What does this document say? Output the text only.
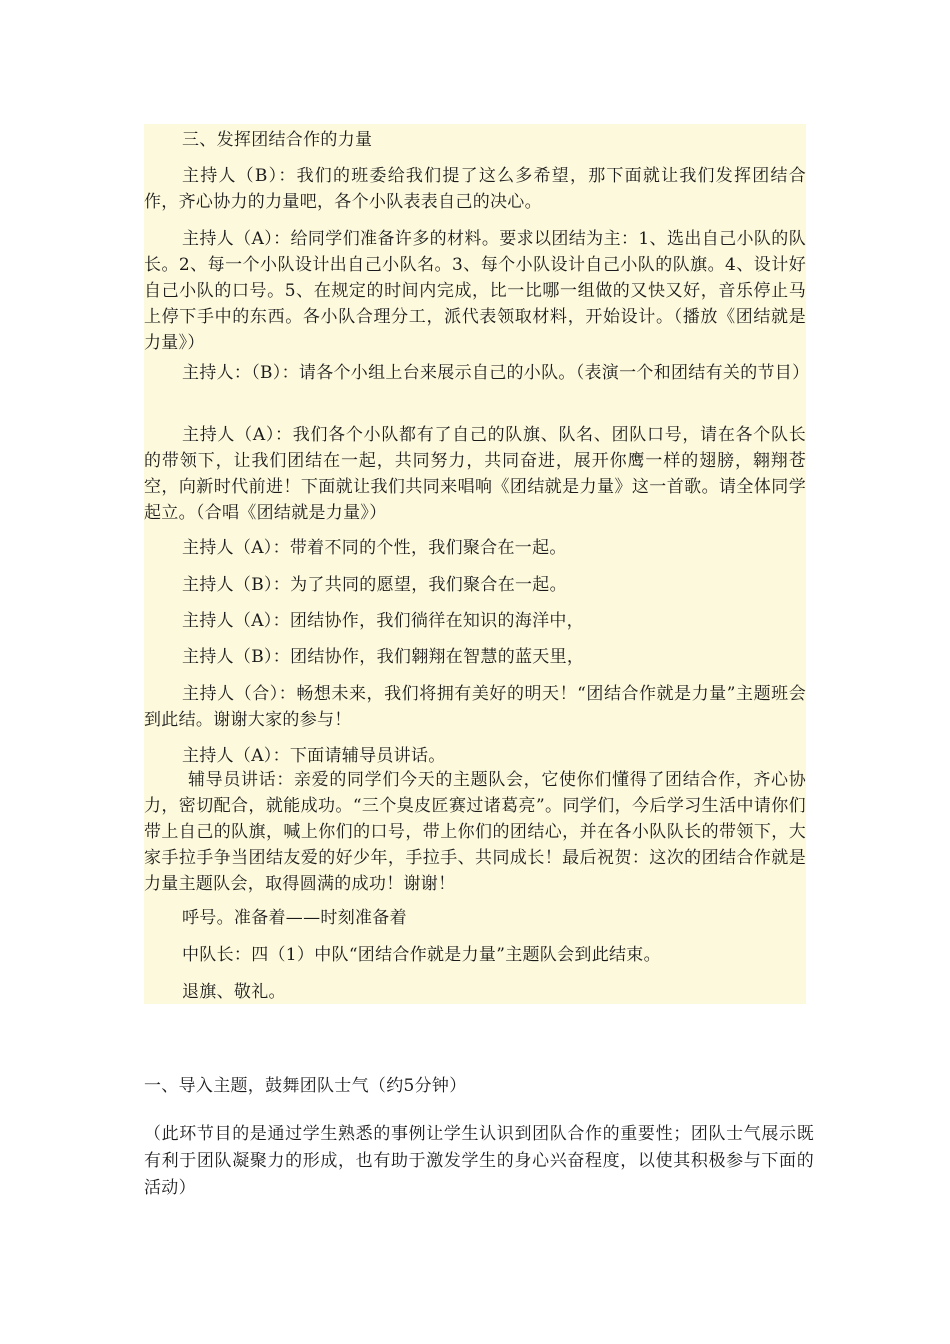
三、发挥团结合作的力量

主持人（B）：我们的班委给我们提了这么多希望，那下面就让我们发挥团结合作，齐心协力的力量吧，各个小队表表自己的决心。

主持人（A）：给同学们准备许多的材料。要求以团结为主：1、选出自己小队的队长。2、每一个小队设计出自己小队名。3、每个小队设计自己小队的队旗。4、设计好自己小队的口号。5、在规定的时间内完成，比一比哪一组做的又快又好，音乐停止马上停下手中的东西。各小队合理分工，派代表领取材料，开始设计。（播放《团结就是力量》）

主持人：（B）：请各个小组上台来展示自己的小队。（表演一个和团结有关的节目）

主持人（A）：我们各个小队都有了自己的队旗、队名、团队口号，请在各个队长的带领下，让我们团结在一起，共同努力，共同奋进，展开你鹰一样的翅膀，翱翔苍空，向新时代前进！下面就让我们共同来唱响《团结就是力量》这一首歌。请全体同学起立。（合唱《团结就是力量》）

主持人（A）：带着不同的个性，我们聚合在一起。

主持人（B）：为了共同的愿望，我们聚合在一起。

主持人（A）：团结协作，我们徜徉在知识的海洋中，

主持人（B）：团结协作，我们翱翔在智慧的蓝天里，

主持人（合）：畅想未来，我们将拥有美好的明天！“团结合作就是力量”主题班会到此结。谢谢大家的参与！

主持人（A）：下面请辅导员讲话。

辅导员讲话：亲爱的同学们今天的主题队会，它使你们懂得了团结合作，齐心协力，密切配合，就能成功。“三个臭皮匠赛过诸葛亮”。同学们，今后学习生活中请你们带上自己的队旗，喊上你们的口号，带上你们的团结心，并在各小队队长的带领下，大家手拉手争当团结友爱的好少年，手拉手、共同成长！最后祝贺：这次的团结合作就是力量主题队会，取得圆满的成功！谢谢！

呼号。准备着——时刻准备着

中队长：四（1）中队“团结合作就是力量”主题队会到此结束。

退旗、敬礼。

一、导入主题，鼓舞团队士气（约5分钟）

（此环节目的是通过学生熟悉的事例让学生认识到团队合作的重要性；团队士气展示既有利于团队凝聚力的形成，也有助于激发学生的身心兴奋程度，以使其积极参与下面的活动）
